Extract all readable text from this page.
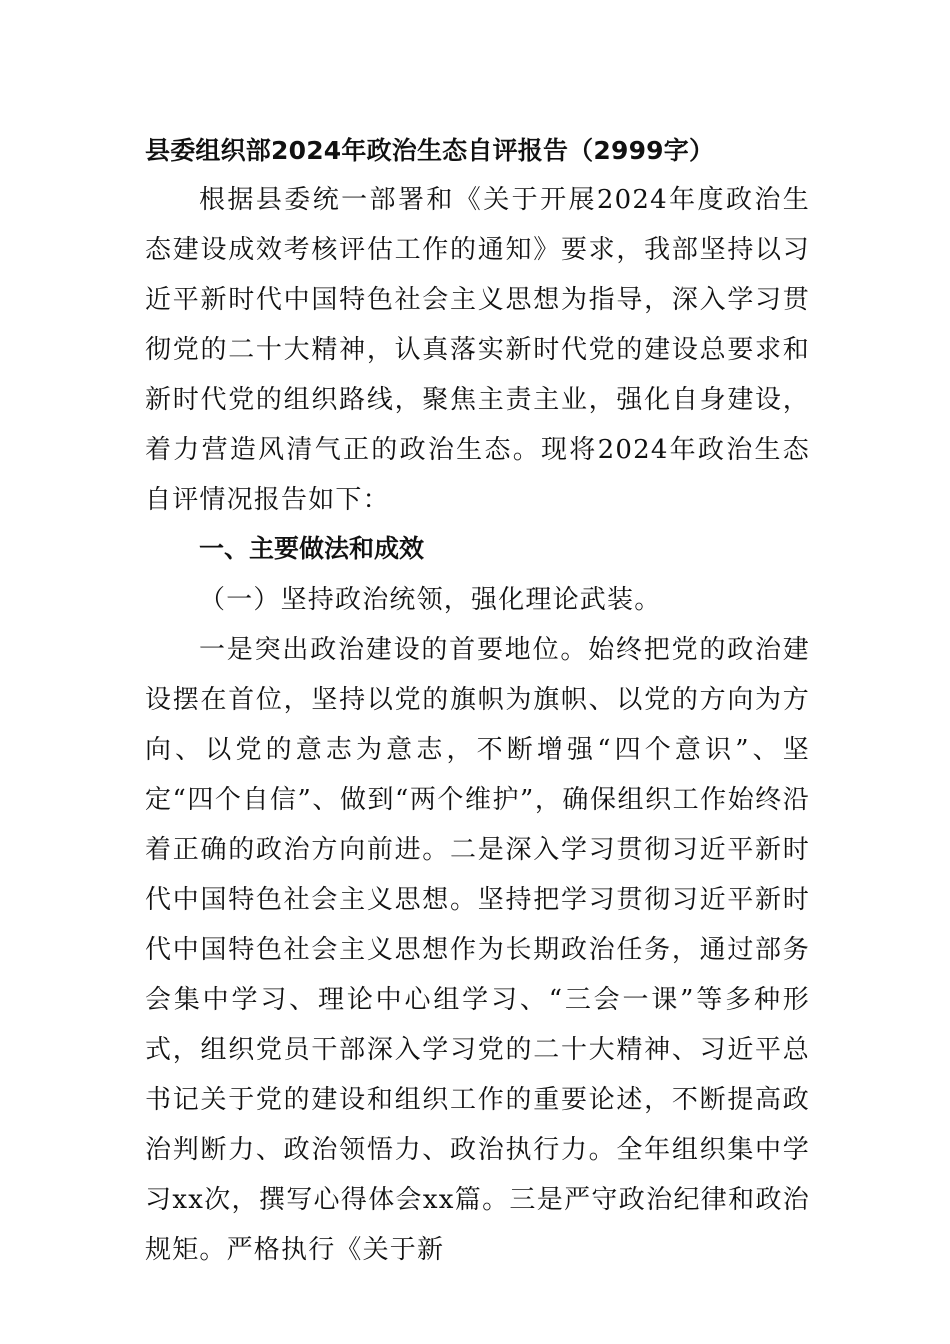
县委组织部2024年政治生态自评报告（2999字）
根据县委统一部署和《关于开展2024年度政治生态建设成效考核评估工作的通知》要求，我部坚持以习近平新时代中国特色社会主义思想为指导，深入学习贯彻党的二十大精神，认真落实新时代党的建设总要求和新时代党的组织路线，聚焦主责主业，强化自身建设，着力营造风清气正的政治生态。现将2024年政治生态自评情况报告如下：
一、主要做法和成效
（一）坚持政治统领，强化理论武装。
一是突出政治建设的首要地位。始终把党的政治建设摆在首位，坚持以党的旗帜为旗帜、以党的方向为方向、以党的意志为意志，不断增强“四个意识”、坚定“四个自信”、做到“两个维护”，确保组织工作始终沿着正确的政治方向前进。二是深入学习贯彻习近平新时代中国特色社会主义思想。坚持把学习贯彻习近平新时代中国特色社会主义思想作为长期政治任务，通过部务会集中学习、理论中心组学习、“三会一课”等多种形式，组织党员干部深入学习党的二十大精神、习近平总书记关于党的建设和组织工作的重要论述，不断提高政治判断力、政治领悟力、政治执行力。全年组织集中学习xx次，撰写心得体会xx篇。三是严守政治纪律和政治规矩。严格执行《关于新
